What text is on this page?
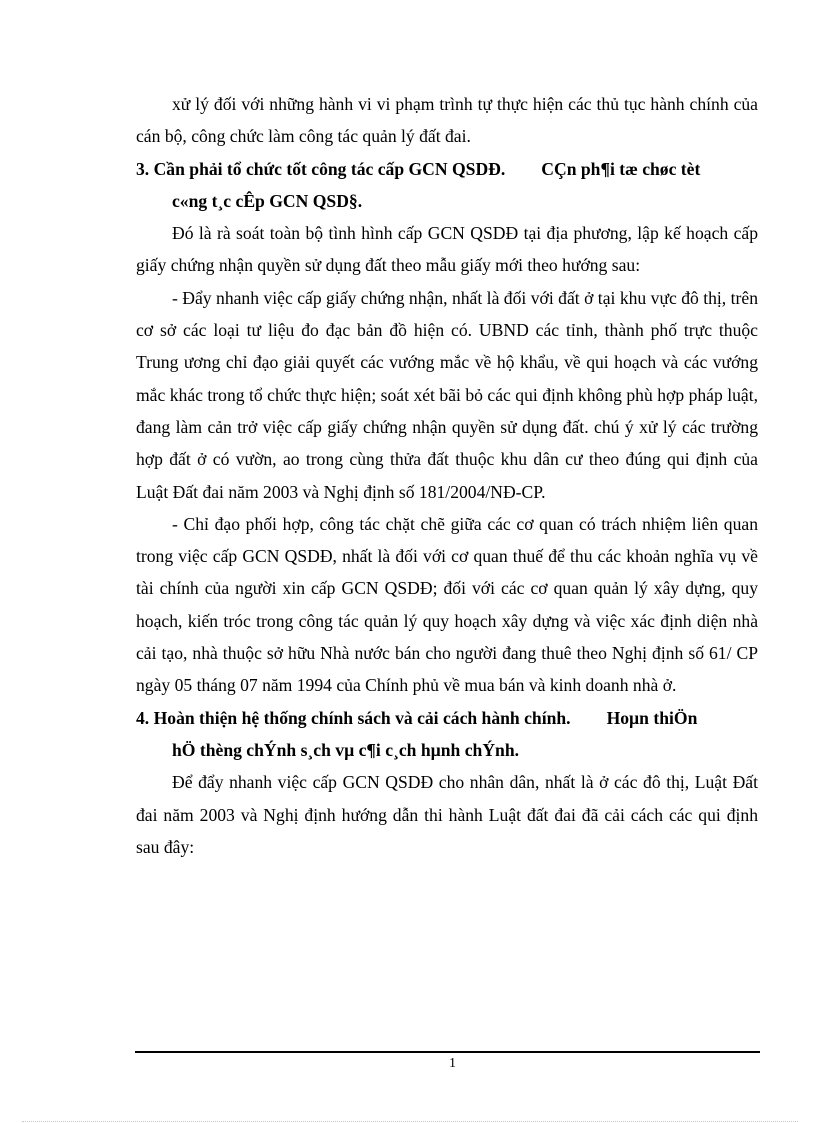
xử lý đối với những hành vi vi phạm trình tự thực hiện các thủ tục hành chính của cán bộ, công chức làm công tác quản lý đất đai.

3. Cần phải tổ chức tốt công tác cấp GCN QSDĐ. CÇn ph¶i tæ chøc tèt
c«ng t¸c cÊp GCN QSD§.

Đó là rà soát toàn bộ tình hình cấp GCN QSDĐ tại địa phương, lập kế hoạch cấp giấy chứng nhận quyền sử dụng đất theo mẫu giấy mới theo hướng sau:

- Đẩy nhanh việc cấp giấy chứng nhận, nhất là đối với đất ở tại khu vực đô thị, trên cơ sở các loại tư liệu đo đạc bản đồ hiện có. UBND các tỉnh, thành phố trực thuộc Trung ương chỉ đạo giải quyết các vướng mắc về hộ khẩu, về qui hoạch và các vướng mắc khác trong tổ chức thực hiện; soát xét bãi bỏ các qui định không phù hợp pháp luật, đang làm cản trở việc cấp giấy chứng nhận quyền sử dụng đất. chú ý xử lý các trường hợp đất ở có vườn, ao trong cùng thửa đất thuộc khu dân cư theo đúng qui định của Luật Đất đai năm 2003 và Nghị định số 181/2004/NĐ-CP.

- Chỉ đạo phối hợp, công tác chặt chẽ giữa các cơ quan có trách nhiệm liên quan trong việc cấp GCN QSDĐ, nhất là đối với cơ quan thuế để thu các khoản nghĩa vụ về tài chính của người xin cấp GCN QSDĐ; đối với các cơ quan quản lý xây dựng, quy hoạch, kiến tróc trong công tác quản lý quy hoạch xây dựng và việc xác định diện nhà cải tạo, nhà thuộc sở hữu Nhà nước bán cho người đang thuê theo Nghị định số 61/ CP ngày 05 tháng 07 năm 1994 của Chính phủ về mua bán và kinh doanh nhà ở.

4. Hoàn thiện hệ thống chính sách và cải cách hành chính. Hoµn thiÖn
hÖ thèng chÝnh s¸ch vµ c¶i c¸ch hµnh chÝnh.

Để đẩy nhanh việc cấp GCN QSDĐ cho nhân dân, nhất là ở các đô thị, Luật Đất đai năm 2003 và Nghị định hướng dẫn thi hành Luật đất đai đã cải cách các qui định sau đây:

1
